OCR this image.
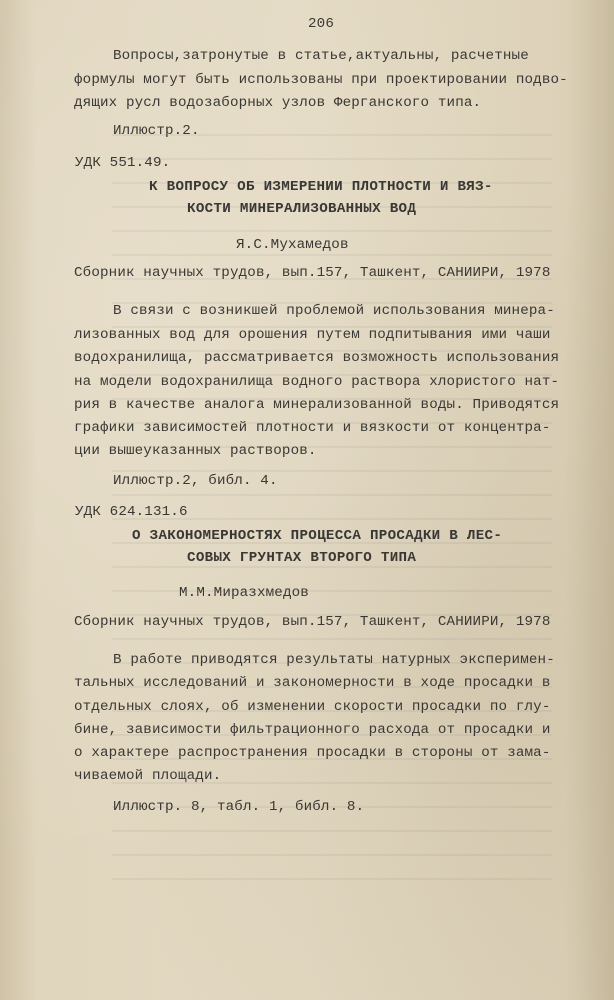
206
Вопросы,затронутые в статье,актуальны, расчетные
формулы могут быть использованы при проектировании подво-
дящих русл водозаборных узлов Ферганского типа.
Иллюстр.2.
УДК 551.49.
К ВОПРОСУ ОБ ИЗМЕРЕНИИ ПЛОТНОСТИ И ВЯЗ-
КОСТИ МИНЕРАЛИЗОВАННЫХ ВОД
Я.С.Мухамедов
Сборник научных трудов, вып.157, Ташкент, САНИИРИ, 1978
В связи с возникшей проблемой использования минера-
лизованных вод для орошения путем подпитывания ими чаши
водохранилища, рассматривается возможность использования
на модели водохранилища водного раствора хлористого нат-
рия в качестве аналога минерализованной воды. Приводятся
графики зависимостей плотности и вязкости от концентра-
ции вышеуказанных растворов.
Иллюстр.2, библ. 4.
УДК 624.131.6
О ЗАКОНОМЕРНОСТЯХ ПРОЦЕССА ПРОСАДКИ В ЛЕС-
СОВЫХ ГРУНТАХ ВТОРОГО ТИПА
М.М.Миразхмедов
Сборник научных трудов, вып.157, Ташкент, САНИИРИ, 1978
В работе приводятся результаты натурных эксперимен-
тальных исследований и закономерности в ходе просадки в
отдельных слоях, об изменении скорости просадки по глу-
бине, зависимости фильтрационного расхода от просадки и
о характере распространения просадки в стороны от зама-
чиваемой площади.
Иллюстр. 8, табл. 1, библ. 8.
